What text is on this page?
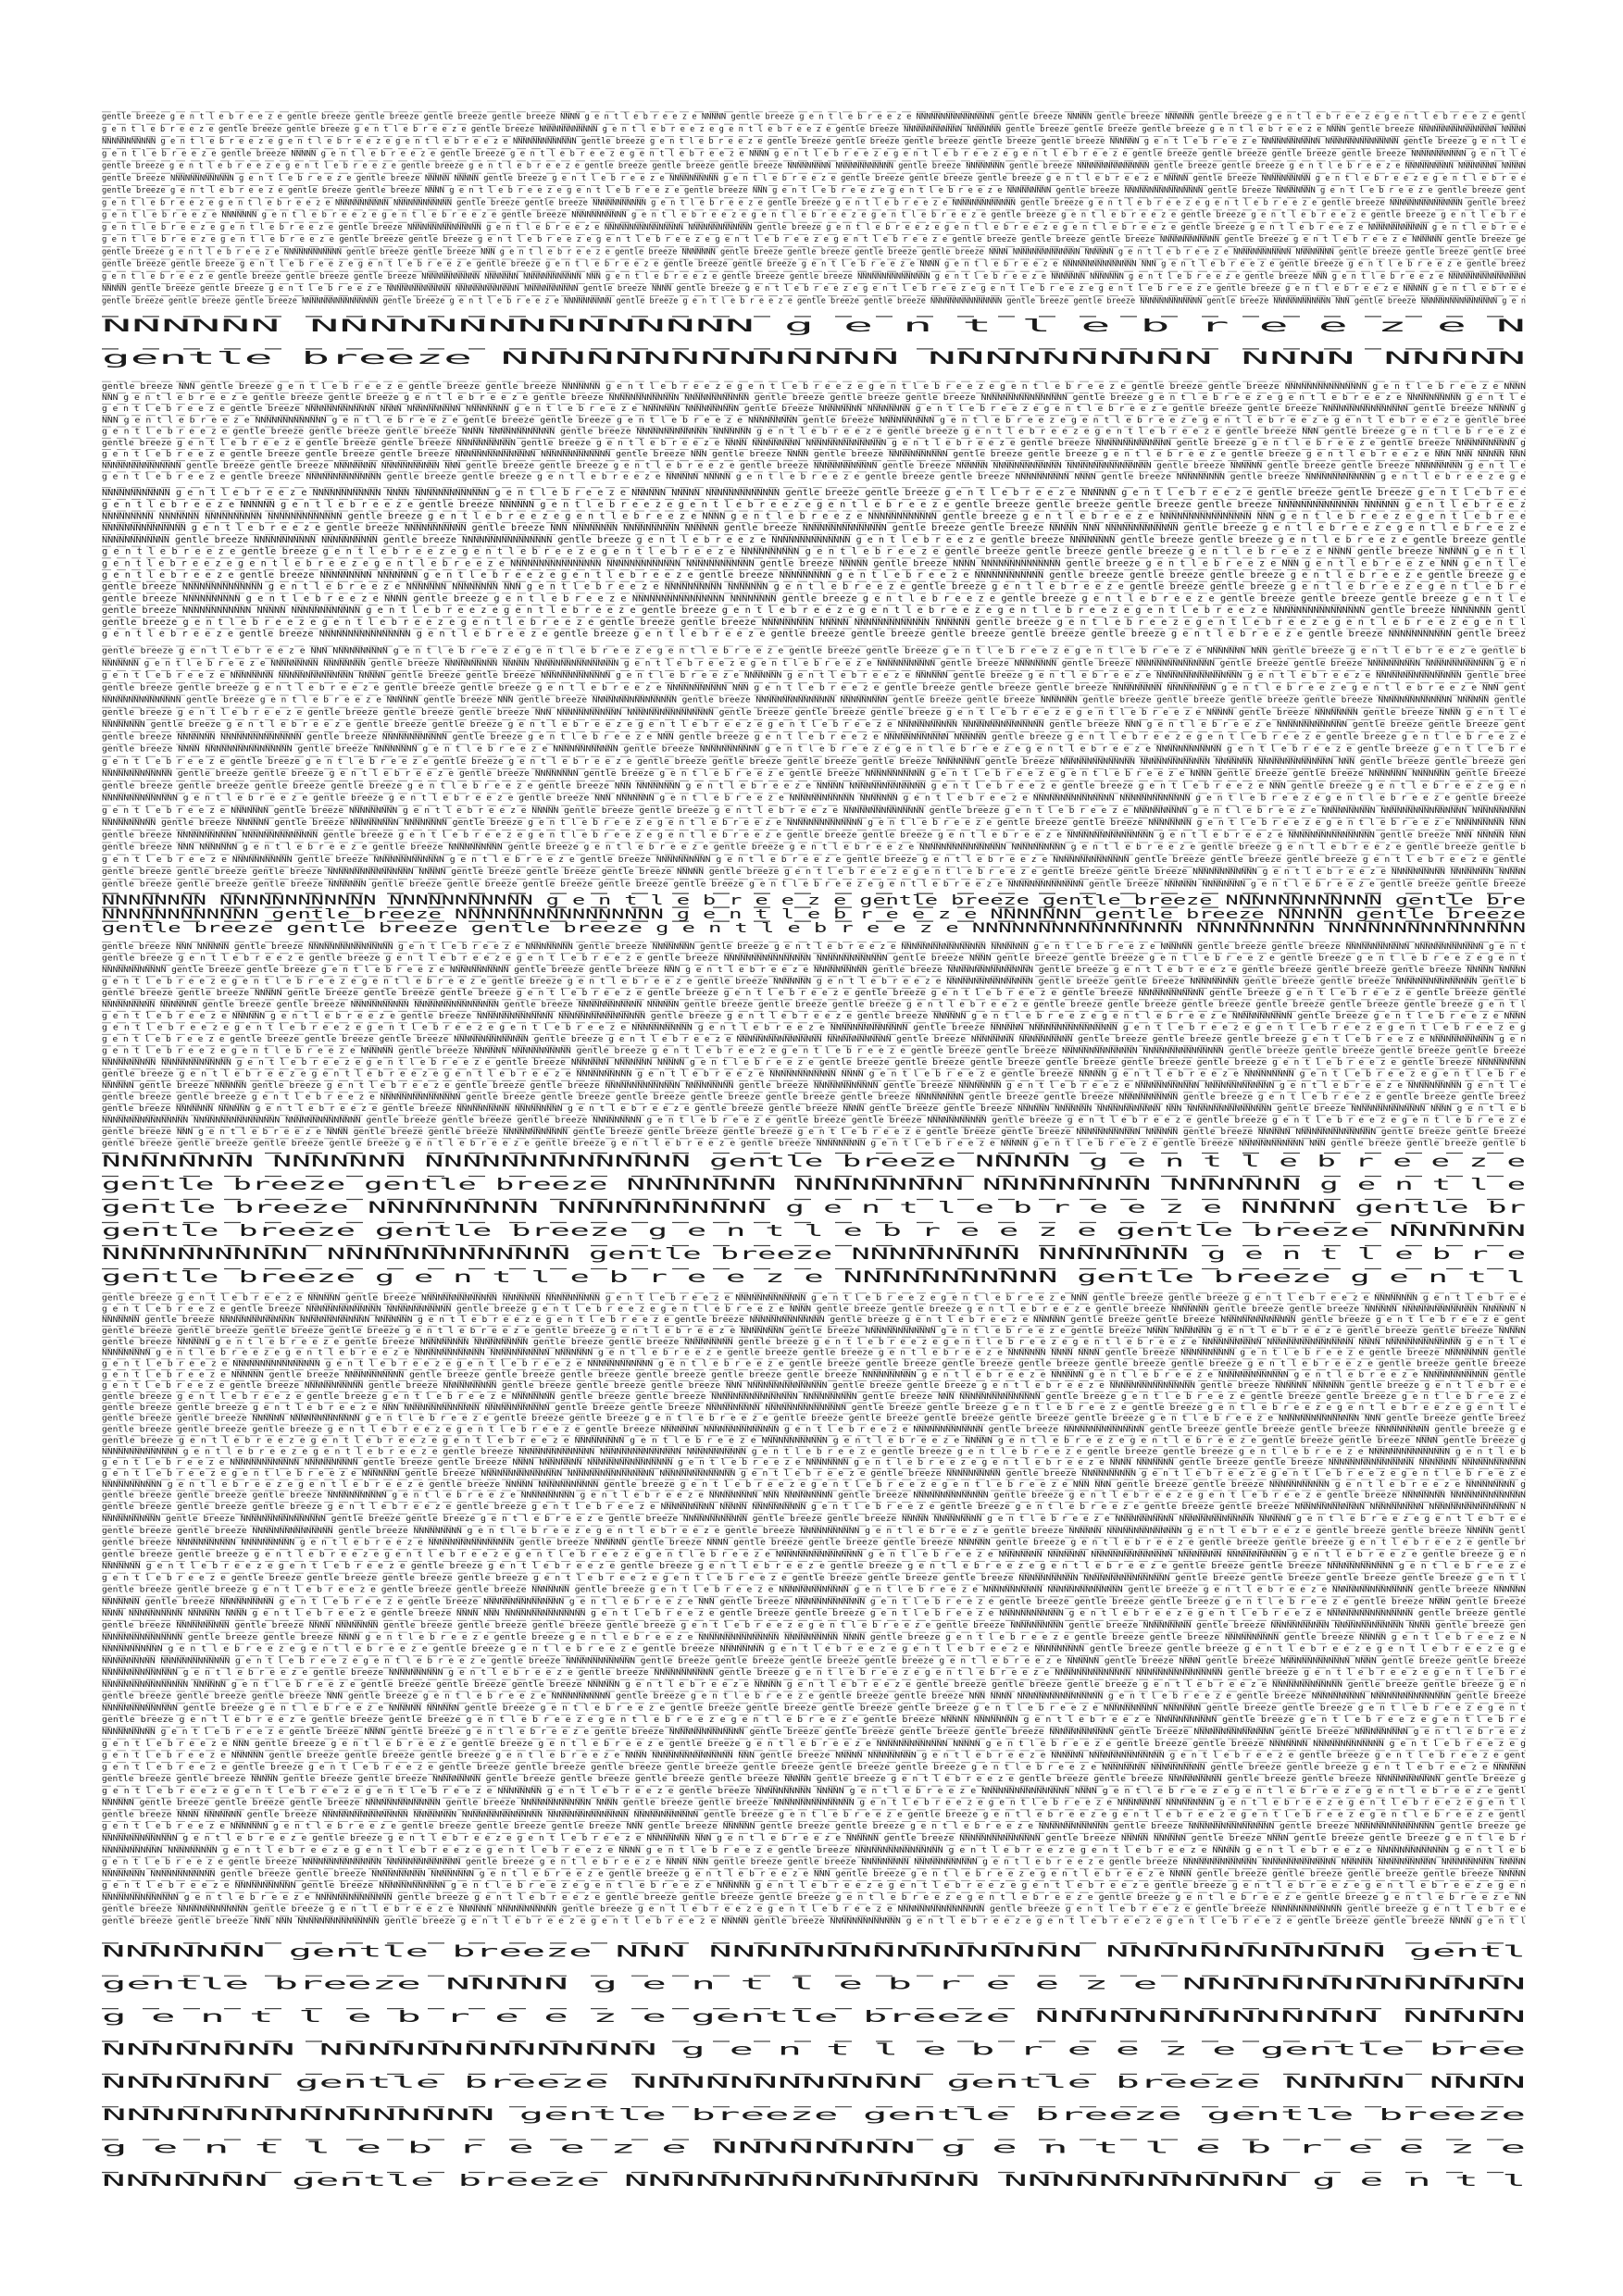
gentle breeze g e n t l e b r e e z e gentle breeze gentle breeze gentle breeze gentle breeze NNNN g e n t l e b r e e z e NNNNN gentle breeze g e n t l e b r e e z e NNNNNNNNNNNNNNNN gentle breeze NNNNN gentle breeze NNNNNN gentle breeze g e n t l e b r e e z e g e n t l e b r e e z e gentl
g e n t l e b r e e z e gentle breeze gentle breeze g e n t l e b r e e z e gentle breeze NNNNNNNNNNNN g e n t l e b r e e z e g e n t l e b r e e z e gentle breeze NNNNNNNNNNNN NNNNNNN gentle breeze gentle breeze gentle breeze g e n t l e b r e e z e NNNN gentle breeze NNNNNNNNNNNNNNNN NNNNN
NNNNNNNNNNN g e n t l e b r e e z e g e n t l e b r e e z e g e n t l e b r e e z e NNNNNNNNNNNNN gentle breeze g e n t l e b r e e z e gentle breeze gentle breeze gentle breeze gentle breeze gentle breeze NNNNNN g e n t l e b r e e z e NNNNNNNNNNNN NNNNNNNNNNNNNNN gentle breeze g e n t l e
g e n t l e b r e e z e gentle breeze NNNNN g e n t l e b r e e z e gentle breeze g e n t l e b r e e z e g e n t l e b r e e z e NNNN g e n t l e b r e e z e g e n t l e b r e e z e g e n t l e b r e e z e gentle breeze gentle breeze gentle breeze gentle breeze NNNNNNNNNNN g e n t l e
gentle breeze g e n t l e b r e e z e g e n t l e b r e e z e gentle breeze g e n t l e b r e e z e gentle breeze gentle breeze gentle breeze NNNNNNNNN NNNNNNNNNNNN gentle breeze NNNNNNNN gentle breeze NNNNNNNNNNNNNNN gentle breeze gentle breeze g e n t l e b r e e z e NNNNNNNNNN NNNNNNNN NNNNN
gentle breeze NNNNNNNNNNNNN g e n t l e b r e e z e gentle breeze NNNNN NNNNN gentle breeze g e n t l e b r e e z e NNNNNNNNNN g e n t l e b r e e z e gentle breeze gentle breeze gentle breeze g e n t l e b r e e z e NNNNN gentle breeze NNNNNNNNNN g e n t l e b r e e z e g e n t l e b r e e
gentle breeze g e n t l e b r e e z e gentle breeze gentle breeze NNNN g e n t l e b r e e z e g e n t l e b r e e z e gentle breeze NNN g e n t l e b r e e z e g e n t l e b r e e z e NNNNNNNNN gentle breeze NNNNNNNNNNNNNNNN gentle breeze NNNNNNNN g e n t l e b r e e z e gentle breeze gent
g e n t l e b r e e z e g e n t l e b r e e z e NNNNNNNNNNN NNNNNNNNNNNN gentle breeze gentle breeze NNNNNNNNNNN g e n t l e b r e e z e gentle breeze g e n t l e b r e e z e NNNNNNNNNNNNN gentle breeze g e n t l e b r e e z e g e n t l e b r e e z e gentle breeze NNNNNNNNNNNNNNN gentle breez
g e n t l e b r e e z e NNNNNNN g e n t l e b r e e z e g e n t l e b r e e z e gentle breeze NNNNNNNNNNN g e n t l e b r e e z e g e n t l e b r e e z e g e n t l e b r e e z e gentle breeze g e n t l e b r e e z e gentle breeze g e n t l e b r e e z e gentle breeze g e n t l e b r e
g e n t l e b r e e z e g e n t l e b r e e z e gentle breeze NNNNNNNNNNNNNNN g e n t l e b r e e z e NNNNNNNNNNNNNNNN NNNNNNNNNNNNN gentle breeze g e n t l e b r e e z e g e n t l e b r e e z e g e n t l e b r e e z e gentle breeze g e n t l e b r e e z e NNNNNNNNNNNN g e n t l e b r e e
g e n t l e b r e e z e g e n t l e b r e e z e gentle breeze gentle breeze g e n t l e b r e e z e g e n t l e b r e e z e g e n t l e b r e e z e g e n t l e b r e e z e gentle breeze gentle breeze gentle breeze NNNNNNNNNNNN gentle breeze g e n t l e b r e e z e NNNNNN gentle breeze ge
gentle breeze g e n t l e b r e e z e NNNNNNNNNNNN gentle breeze gentle breeze NNN g e n t l e b r e e z e gentle breeze NNNNNNN gentle breeze gentle breeze gentle breeze gentle breeze NNNN NNNNNNNNNNNNNN NNNNNN g e n t l e b r e e z e NNNNNNNNNNNN NNNNNNNN gentle breeze gentle breeze gentle bree
gentle breeze gentle breeze g e n t l e b r e e z e g e n t l e b r e e z e gentle breeze g e n t l e b r e e z e gentle breeze gentle breeze g e n t l e b r e e z e NNNN g e n t l e b r e e z e NNNNNNNNNNNNNNN NNN g e n t l e b r e e z e gentle breeze g e n t l e b r e e z e gentle breez
g e n t l e b r e e z e gentle breeze gentle breeze gentle breeze NNNNNNNNNNNN NNNNNNN NNNNNNNNNNNN NNN g e n t l e b r e e z e gentle breeze gentle breeze NNNNNNNNNNNNNNN g e n t l e b r e e z e NNNNNNN NNNNNNN g e n t l e b r e e z e gentle breeze NNN g e n t l e b r e e z e NNNNNNNNNNNNNNNN
NNNNN gentle breeze gentle breeze g e n t l e b r e e z e NNNNNNNNNNNNN NNNNNNNNNNNNN NNNNNNNNNNN gentle breeze NNNN gentle breeze g e n t l e b r e e z e g e n t l e b r e e z e g e n t l e b r e e z e g e n t l e b r e e z e gentle breeze g e n t l e b r e e z e NNNNN g e n t l e b r e e
gentle breeze gentle breeze gentle breeze NNNNNNNNNNNNNNNN gentle breeze g e n t l e b r e e z e NNNNNNNNNN gentle breeze g e n t l e b r e e z e gentle breeze gentle breeze NNNNNNNNNNNNNNN gentle breeze gentle breeze NNNNNNNNNNNNN gentle breeze NNNNNNNNNNNN NNN gentle breeze NNNNNNNNNNNNNNNN g e n
NNNNNN NNNNNNNNNNNNNNN g e n t l e b r e e z e N
gentle breeze NNNNNNNNNNNNNN NNNNNNNNNN NNNN NNNNN
gentle breeze NNN gentle breeze g e n t l e b r e e z e gentle breeze gentle breeze NNNNNNN g e n t l e b r e e z e g e n t l e b r e e z e g e n t l e b r e e z e g e n t l e b r e e z e gentle breeze gentle breeze NNNNNNNNNNNNNNN g e n t l e b r e e z e NNNN
NNN g e n t l e b r e e z e gentle breeze gentle breeze g e n t l e b r e e z e gentle breeze NNNNNNNNNNNNN NNNNNNNNNNNN gentle breeze gentle breeze gentle breeze NNNNNNNNNNNNNNNN gentle breeze g e n t l e b r e e z e g e n t l e b r e e z e NNNNNNNNNN g e n t l e
g e n t l e b r e e z e gentle breeze NNNNNNNNNNNNN NNNN NNNNNNNNNN NNNNNNNN g e n t l e b r e e z e NNNNNNN NNNNNNNNNN gentle breeze NNNNNNNN NNNNNNNN g e n t l e b r e e z e g e n t l e b r e e z e gentle breeze gentle breeze NNNNNNNNNNNNNNNN gentle breeze NNNNN g
NNN g e n t l e b r e e z e NNNNNNNNNNNNN g e n t l e b r e e z e gentle breeze gentle breeze g e n t l e b r e e z e NNNNNNNNN gentle breeze NNNNNNNNNN g e n t l e b r e e z e g e n t l e b r e e z e g e n t l e b r e e z e g e n t l e b r e e z e gentle bree
g e n t l e b r e e z e gentle breeze gentle breeze gentle breeze NNNN NNNNNNNNNNNN gentle breeze NNNNNNNNNNNNN NNNNNNN g e n t l e b r e e z e gentle breeze g e n t l e b r e e z e g e n t l e b r e e z e gentle breeze NNN gentle breeze g e n t l e b r e e z e
gentle breeze g e n t l e b r e e z e gentle breeze gentle breeze NNNNNNNNNNN gentle breeze g e n t l e b r e e z e NNNN NNNNNNNNN NNNNNNNNNNNNNNN g e n t l e b r e e z e gentle breeze NNNNNNNNNNNNNN gentle breeze g e n t l e b r e e z e gentle breeze NNNNNNNNNNN g
g e n t l e b r e e z e gentle breeze gentle breeze gentle breeze NNNNNNNNNNNNNNN NNNNNNNNNNNNN gentle breeze NNN gentle breeze NNNN gentle breeze NNNNNNNNNNN gentle breeze gentle breeze g e n t l e b r e e z e gentle breeze g e n t l e b r e e z e NNN NNN NNNNN NNN
NNNNNNNNNNNNNNN gentle breeze gentle breeze NNNNNNNN NNNNNNNNNNN NNN gentle breeze gentle breeze g e n t l e b r e e z e gentle breeze NNNNNNNNNNNN gentle breeze NNNNNN NNNNNNNNNNNNN NNNNNNNNNNNNNNNN gentle breeze NNNNNN gentle breeze gentle breeze NNNNNNNNN g e n t l e
g e n t l e b r e e z e gentle breeze NNNNNNNNNNNNNN gentle breeze gentle breeze g e n t l e b r e e z e NNNNNN NNNNN g e n t l e b r e e z e gentle breeze gentle breeze NNNNNNNNNN NNNN gentle breeze NNNNNNNNN gentle breeze NNNNNNNNNNNNN g e n t l e b r e e z e g e
NNNNNNNNNNNN g e n t l e b r e e z e NNNNNNNNNNNN NNNN NNNNNNNNNNNNN g e n t l e b r e e z e NNNNNN NNNNN NNNNNNNNNNNNN gentle breeze gentle breeze g e n t l e b r e e z e NNNNNN g e n t l e b r e e z e gentle breeze gentle breeze g e n t l e b r e e
g e n t l e b r e e z e NNNNNN g e n t l e b r e e z e gentle breeze NNNNNN g e n t l e b r e e z e g e n t l e b r e e z e g e n t l e b r e e z e gentle breeze gentle breeze gentle breeze gentle breeze NNNNNNNNNNNNNN NNNNNN g e n t l e b r e e z
NNNNNNNNN NNNNNNN NNNNNNNNNN NNNNNNNNNNNNN gentle breeze g e n t l e b r e e z e g e n t l e b r e e z e NNNN g e n t l e b r e e z e NNNNNNNNNNNN gentle breeze g e n t l e b r e e z e NNNNNNNNNNNNNNNN NNN g e n t l e b r e e z e g e n t l e b r e e
NNNNNNNNNNNNNNN g e n t l e b r e e z e gentle breeze NNNNNNNNNNN gentle breeze NNN NNNNNNNN NNNNNNNNNN NNNNNN gentle breeze NNNNNNNNNNNNNNN gentle breeze gentle breeze NNNNN NNN NNNNNNNNNNNNN gentle breeze g e n t l e b r e e z e g e n t l e b r e e z e
NNNNNNNNNNNN gentle breeze NNNNNNNNNNN NNNNNNNNNN gentle breeze NNNNNNNNNNNNNNNN gentle breeze g e n t l e b r e e z e NNNNNNNNNNNNNN g e n t l e b r e e z e gentle breeze NNNNNNNN gentle breeze gentle breeze g e n t l e b r e e z e gentle breeze gentle
g e n t l e b r e e z e gentle breeze g e n t l e b r e e z e g e n t l e b r e e z e g e n t l e b r e e z e NNNNNNNNNN g e n t l e b r e e z e gentle breeze gentle breeze gentle breeze g e n t l e b r e e z e NNNN gentle breeze NNNNN g e n t l
g e n t l e b r e e z e g e n t l e b r e e z e g e n t l e b r e e z e NNNNNNNNNNNNNNNN NNNNNNNNNNNNN NNNNNNNNNNNN gentle breeze NNNNN gentle breeze NNNN NNNNNNNNNNNNNN gentle breeze g e n t l e b r e e z e NNN g e n t l e b r e e z e NNN g e n t l e
g e n t l e b r e e z e gentle breeze NNNNNNNNN NNNNNNN g e n t l e b r e e z e g e n t l e b r e e z e gentle breeze NNNNNNNNN g e n t l e b r e e z e NNNNNNNNNNNN gentle breeze gentle breeze gentle breeze g e n t l e b r e e z e gentle breeze g e
gentle breeze NNNNNNNNNNNNNN g e n t l e b r e e z e NNNNNNN NNNNNNNN NNN g e n t l e b r e e z e NNNNNNNNNN NNNNNNN g e n t l e b r e e z e gentle breeze g e n t l e b r e e z e gentle breeze gentle breeze g e n t l e b r e e z e g e n t l e b r e
gentle breeze NNNNNNNNNN g e n t l e b r e e z e NNNN gentle breeze g e n t l e b r e e z e NNNNNNNNNNNNNNNN NNNNNNNN gentle breeze g e n t l e b r e e z e gentle breeze g e n t l e b r e e z e gentle breeze gentle breeze gentle breeze g e n t l e
gentle breeze NNNNNNNNNNNN NNNNN NNNNNNNNNNNN g e n t l e b r e e z e g e n t l e b r e e z e gentle breeze g e n t l e b r e e z e g e n t l e b r e e z e g e n t l e b r e e z e g e n t l e b r e e z e NNNNNNNNNNNNNNNN gentle breeze NNNNNNN gentl
gentle breeze g e n t l e b r e e z e g e n t l e b r e e z e g e n t l e b r e e z e gentle breeze gentle breeze NNNNNNNNN NNNNN NNNNNNNNNNNNN NNNNNN gentle breeze g e n t l e b r e e z e g e n t l e b r e e z e g e n t l e b r e e z e g e n t l
g e n t l e b r e e z e gentle breeze NNNNNNNNNNNNNNNN g e n t l e b r e e z e gentle breeze g e n t l e b r e e z e gentle breeze gentle breeze gentle breeze gentle breeze gentle breeze g e n t l e b r e e z e gentle breeze NNNNNNNNNNN gentle breez
gentle breeze g e n t l e b r e e z e NNN NNNNNNNNNN g e n t l e b r e e z e g e n t l e b r e e z e g e n t l e b r e e z e gentle breeze gentle breeze g e n t l e b r e e z e g e n t l e b r e e z e NNNNNNN NNN gentle breeze g e n t l e b r e e z e gentle b
NNNNNNN g e n t l e b r e e z e NNNNNNNNN NNNNNNNN gentle breeze NNNNNNNNNN NNNNN NNNNNNNNNNNNNNNN g e n t l e b r e e z e g e n t l e b r e e z e NNNNNNNNNNN gentle breeze NNNNNNNN gentle breeze NNNNNNNNNNNNNNN gentle breeze gentle breeze NNNNNNNNNN NNNNNNNNNNNNN g e n
g e n t l e b r e e z e NNNNNNNN NNNNNNNNNNNNNN NNNNN gentle breeze gentle breeze NNNNNNNNNNNNN g e n t l e b r e e z e NNNNNNN g e n t l e b r e e z e NNNNNN gentle breeze g e n t l e b r e e z e NNNNNNNNNNNNNNNN g e n t l e b r e e z e NNNNNNNNNNNNNNNN gentle bree
gentle breeze gentle breeze g e n t l e b r e e z e gentle breeze gentle breeze g e n t l e b r e e z e NNNNNNNNNNN NNN g e n t l e b r e e z e gentle breeze gentle breeze gentle breeze NNNNNNNNN NNNNNNNNN g e n t l e b r e e z e g e n t l e b r e e z e NNN gent
NNNNNNNNNNNNNNN gentle breeze g e n t l e b r e e z e NNNNNN gentle breeze NNN gentle breeze NNNNNNNNNNNNNNNN gentle breeze NNNNNNNNNNNNNNN NNNNNNNNN gentle breeze gentle breeze NNNNNNN gentle breeze gentle breeze gentle breeze gentle breeze NNNNNNNNNNNNNN NNNNNN gentle
gentle breeze g e n t l e b r e e z e gentle breeze gentle breeze gentle breeze NNN NNNNNNNNNNNN NNNNNNNNNNNNNNNN gentle breeze gentle breeze gentle breeze g e n t l e b r e e z e g e n t l e b r e e z e NNNNN gentle breeze NNNNNNNN gentle breeze NNNN g e n t l e
NNNNNNNN gentle breeze g e n t l e b r e e z e gentle breeze gentle breeze g e n t l e b r e e z e g e n t l e b r e e z e g e n t l e b r e e z e NNNNNNNNNNN NNNNNNNNNNNNNNN gentle breeze NNN g e n t l e b r e e z e NNNNNNNNNNNNN gentle breeze gentle breeze gent
gentle breeze NNNNNNN NNNNNNNNNNNNNNN gentle breeze NNNNNNNNNNNN gentle breeze g e n t l e b r e e z e NNN gentle breeze g e n t l e b r e e z e NNNNNNNNNNNN NNNNNN gentle breeze g e n t l e b r e e z e g e n t l e b r e e z e gentle breeze g e n t l e b r e e z e
gentle breeze NNNN NNNNNNNNNNNNNNNN gentle breeze NNNNNNNN g e n t l e b r e e z e NNNNNNNNNNNN gentle breeze NNNNNNNNNNN g e n t l e b r e e z e g e n t l e b r e e z e g e n t l e b r e e z e NNNNNNNNNNNN g e n t l e b r e e z e gentle breeze g e n t l e b r e
g e n t l e b r e e z e gentle breeze g e n t l e b r e e z e gentle breeze g e n t l e b r e e z e gentle breeze gentle breeze gentle breeze gentle breeze NNNNNNNN gentle breeze NNNNNNNNNNNNNN NNNNNNNNNNNNN NNNNNNN NNNNNNNNNNNNNN NNN gentle breeze gentle breeze gen
NNNNNNNNNNNNN gentle breeze gentle breeze g e n t l e b r e e z e gentle breeze NNNNNNNN gentle breeze g e n t l e b r e e z e gentle breeze NNNNNNNNNNN g e n t l e b r e e z e g e n t l e b r e e z e NNNN gentle breeze gentle breeze NNNNNNN NNNNNNN gentle breeze
gentle breeze gentle breeze gentle breeze gentle breeze g e n t l e b r e e z e gentle breeze NNN NNNNNNNN g e n t l e b r e e z e NNNNN NNNNNNNNNNNNNN g e n t l e b r e e z e gentle breeze g e n t l e b r e e z e NNN gentle breeze g e n t l e b r e e z e g e n
NNNNNNNNNNNNNN g e n t l e b r e e z e gentle breeze g e n t l e b r e e z e gentle breeze NNN NNNNNNN g e n t l e b r e e z e NNNNNNNNNNNN NNNNNNN g e n t l e b r e e z e NNNNNNNNNNNNNNN NNNNNNNNNNNNN g e n t l e b r e e z e g e n t l e b r e e z e gentle breeze
g e n t l e b r e e z e NNNNNNN gentle breeze NNNNNNNNN g e n t l e b r e e z e NNNNN gentle breeze gentle breeze g e n t l e b r e e z e NNNNNNNNNNNNNNN gentle breeze g e n t l e b r e e z e NNNNNNNNNN g e n t l e b r e e z e NNNNNNNNNN NNNNNNNNNNNNNNNN NNNNNNNNNN
NNNNNNNNNN gentle breeze NNNNNN gentle breeze NNNNNNNNN NNNNNNNN gentle breeze g e n t l e b r e e z e g e n t l e b r e e z e NNNNNNNNNNNNNN g e n t l e b r e e z e gentle breeze gentle breeze NNNNNNNN g e n t l e b r e e z e g e n t l e b r e e z e NNNNNNNNN NNN
gentle breeze NNNNNNNNNNN NNNNNNNNNNNNNN gentle breeze g e n t l e b r e e z e g e n t l e b r e e z e g e n t l e b r e e z e gentle breeze gentle breeze g e n t l e b r e e z e NNNNNNNNNNNNNNNN g e n t l e b r e e z e NNNNNNNNNNNNNNNN gentle breeze NNN NNNNN NNN
gentle breeze NNN NNNNNNN g e n t l e b r e e z e gentle breeze NNNNNNNNNN gentle breeze g e n t l e b r e e z e gentle breeze g e n t l e b r e e z e NNNNNNNNNNNNNNNN NNNNNNNNNN g e n t l e b r e e z e gentle breeze g e n t l e b r e e z e gentle breeze gentle b
g e n t l e b r e e z e NNNNNNNNNNN gentle breeze NNNNNNNNNNNNN g e n t l e b r e e z e gentle breeze NNNNNNNNNN g e n t l e b r e e z e gentle breeze g e n t l e b r e e z e NNNNNNNNNNNNNN gentle breeze gentle breeze gentle breeze g e n t l e b r e e z e gentle
gentle breeze gentle breeze gentle breeze NNNNNNNNNNNNNNNN NNNNN gentle breeze gentle breeze gentle breeze NNNNN gentle breeze g e n t l e b r e e z e g e n t l e b r e e z e gentle breeze gentle breeze NNNNNNNNNNNN g e n t l e b r e e z e NNNNNNNNNN NNNNNNNN NNNNN
gentle breeze gentle breeze gentle breeze NNNNNNN gentle breeze gentle breeze gentle breeze gentle breeze gentle breeze g e n t l e b r e e z e g e n t l e b r e e z e NNNNNNNNNNNNNN gentle breeze NNNNNN NNNNNNNN g e n t l e b r e e z e gentle breeze gentle breeze
NNNNNNNN NNNNNNNNNNNN NNNNNNNNNNN g e n t l e b r e e z e gentle breeze gentle breeze NNNNNNNNNNNN gentle bre
NNNNNNNNNNNN gentle breeze NNNNNNNNNNNNNNNN g e n t l e b r e e z e NNNNNNN gentle breeze NNNNN gentle breeze
gentle breeze gentle breeze gentle breeze g e n t l e b r e e z e NNNNNNNNNNNNNNNN NNNNNNNNN NNNNNNNNNNNNNNN
gentle breeze NNN NNNNNN gentle breeze NNNNNNNNNNNNNNNN g e n t l e b r e e z e NNNNNNNNN gentle breeze NNNNNNNN gentle breeze g e n t l e b r e e z e NNNNNNNNNNNNNNNN NNNNNNN g e n t l e b r e e z e NNNNNN gentle breeze gentle breeze NNNNNNNNNNNN NNNNNNNNNNNNN g e n t
gentle breeze g e n t l e b r e e z e gentle breeze g e n t l e b r e e z e g e n t l e b r e e z e gentle breeze NNNNNNNNNNNNNNNN NNNNNNNNNNNNN gentle breeze NNNN gentle breeze gentle breeze g e n t l e b r e e z e gentle breeze g e n t l e b r e e z e g e n t
NNNNNNNNNNNN gentle breeze gentle breeze g e n t l e b r e e z e NNNNNNNNNNN gentle breeze gentle breeze NNN g e n t l e b r e e z e NNNNNNNNNN gentle breeze NNNNNNNNNNNNNNNN gentle breeze g e n t l e b r e e z e gentle breeze gentle breeze gentle breeze NNNNN NNNNN
g e n t l e b r e e z e g e n t l e b r e e z e g e n t l e b r e e z e gentle breeze g e n t l e b r e e z e gentle breeze NNNNNNN g e n t l e b r e e z e NNNNNNNNNNNNNNNN gentle breeze gentle breeze NNNNNNNNN gentle breeze gentle breeze NNNNNNNNNNNNNNN gentle b
gentle breeze gentle breeze NNNNN gentle breeze gentle breeze gentle breeze g e n t l e b r e e z e gentle breeze g e n t l e b r e e z e gentle breeze g e n t l e b r e e z e gentle breeze NNNNNNNNNNNN gentle breeze g e n t l e b r e e z e gentle breeze gentle
NNNNNNNNNN NNNNNNN gentle breeze gentle breeze NNNNNNNNNNN NNNNNNNNNNNNNNNN gentle breeze NNNNNNNNNNNN NNNNNN gentle breeze gentle breeze gentle breeze g e n t l e b r e e z e gentle breeze gentle breeze gentle breeze gentle breeze gentle breeze gentle breeze g e n t l
g e n t l e b r e e z e NNNNNN g e n t l e b r e e z e gentle breeze NNNNNNNNNNNNNN NNNNNNNNNNNNNNNN gentle breeze g e n t l e b r e e z e gentle breeze NNNNNN g e n t l e b r e e z e g e n t l e b r e e z e NNNNNNNNNNN gentle breeze g e n t l e b r e e z e NNNN
g e n t l e b r e e z e g e n t l e b r e e z e g e n t l e b r e e z e g e n t l e b r e e z e NNNNNNNNNNN g e n t l e b r e e z e NNNNNNNNNNNNNN gentle breeze NNNNNN NNNNNNNNNNNNNNNN g e n t l e b r e e z e g e n t l e b r e e z e g e n t l e b r e e z e g
g e n t l e b r e e z e gentle breeze gentle breeze gentle breeze NNNNNNNNNNNNNN gentle breeze g e n t l e b r e e z e NNNNNNNNNNNNNNNN NNNNNNNNNNNN gentle breeze NNNNNNNN NNNNNNNNNN gentle breeze gentle breeze gentle breeze g e n t l e b r e e z e NNNNNNNNNNNN g e n
g e n t l e b r e e z e g e n t l e b r e e z e NNNNNN gentle breeze NNNNNN NNNNNNNNNNN gentle breeze g e n t l e b r e e z e g e n t l e b r e e z e gentle breeze gentle breeze NNNNNNNNNNNNNN NNNNNNNNNNNNNNN gentle breeze gentle breeze gentle breeze gentle breeze
NNNNNNNNNN NNNNNNNNNNNNN g e n t l e b r e e z e g e n t l e b r e e z e gentle breeze NNNNNNN NNNNNNN NNNNN g e n t l e b r e e z e gentle breeze gentle breeze gentle breeze gentle breeze gentle breeze gentle breeze g e n t l e b r e e z e gentle breeze NNNNNNNNN
gentle breeze g e n t l e b r e e z e g e n t l e b r e e z e g e n t l e b r e e z e NNNNNNNNNN g e n t l e b r e e z e NNNNNNNNNNNN NNNN g e n t l e b r e e z e gentle breeze NNNNN g e n t l e b r e e z e NNNNNNNNN g e n t l e b r e e z e g e n t l e b r e
NNNNNN gentle breeze NNNNNN gentle breeze g e n t l e b r e e z e gentle breeze gentle breeze NNNNNNNNNNNNNN NNNNNNNNN gentle breeze NNNNNNNNNNNN gentle breeze NNNNNNNN g e n t l e b r e e z e NNNNNNNNNNNN NNNNNNNNNNNNN g e n t l e b r e e z e NNNNNNNNNN g e n t l e
gentle breeze gentle breeze g e n t l e b r e e z e NNNNNNNNNNNNNNN gentle breeze gentle breeze gentle breeze gentle breeze gentle breeze gentle breeze NNNNNNNNN gentle breeze gentle breeze NNNNNNNNNNN gentle breeze g e n t l e b r e e z e gentle breeze gentle breez
gentle breeze NNNNNNN NNNNNN g e n t l e b r e e z e gentle breeze NNNNNNNNNN NNNNNNNNN g e n t l e b r e e z e gentle breeze gentle breeze NNNN gentle breeze gentle breeze NNNNNN NNNNNNN NNNNNNNNNNNN NNN NNNNNNNNNNNNNNNN gentle breeze NNNNNNNNNNNNNN NNNN g e n t l e b
NNNNNNNNNNNNNNNN NNNNNNNNNNNNNNNN NNNNNNNNNNNNNN gentle breeze gentle breeze gentle breeze NNNNNNNNN g e n t l e b r e e z e gentle breeze gentle breeze NNNNNNNNNNN gentle breeze g e n t l e b r e e z e gentle breeze g e n t l e b r e e z e g e n t l e b r e e z e
gentle breeze NNN g e n t l e b r e e z e NNNN gentle breeze gentle breeze NNNNNNNNNNNN gentle breeze gentle breeze gentle breeze g e n t l e b r e e z e gentle breeze gentle breeze NNNNNNNNNNNN NNNNNN gentle breeze NNNNNN NNNNNNNNNNNNNNN gentle breeze gentle breeze
gentle breeze gentle breeze gentle breeze gentle breeze g e n t l e b r e e z e gentle breeze g e n t l e b r e e z e gentle breeze NNNNNNNNN g e n t l e b r e e z e NNNNN g e n t l e b r e e z e gentle breeze NNNNNNNNNNNN NNN gentle breeze gentle breeze gentle b
NNNNNNNN NNNNNNN NNNNNNNNNNNNNN gentle breeze NNNNN g e n t l e b r e e z e
gentle breeze gentle breeze NNNNNNNN NNNNNNNNN NNNNNNNNN NNNNNNN g e n t l e
gentle breeze NNNNNNNNN NNNNNNNNNNN g e n t l e b r e e z e NNNNN gentle br
gentle breeze gentle breeze g e n t l e b r e e z e gentle breeze NNNNNNN
NNNNNNNNNNN NNNNNNNNNNNNN gentle breeze NNNNNNNNN NNNNNNNN g e n t l e b r e
gentle breeze g e n t l e b r e e z e NNNNNNNNNNN gentle breeze g e n t l
gentle breeze g e n t l e b r e e z e NNNNNN gentle breeze NNNNNNNNNNNNNN NNNNNNN NNNNNNNNNN g e n t l e b r e e z e NNNNNNNNNNNNN g e n t l e b r e e z e g e n t l e b r e e z e NNN gentle breeze gentle breeze g e n t l e b r e e z e NNNNNNNN g e n t l e b r e e
g e n t l e b r e e z e gentle breeze NNNNNNNNNNNNNN NNNNNNNNNNNN gentle breeze g e n t l e b r e e z e g e n t l e b r e e z e NNNN gentle breeze gentle breeze g e n t l e b r e e z e gentle breeze NNNNNNN gentle breeze gentle breeze NNNNNN NNNNNNNNNNNNNN NNNNNN N
NNNNNNN gentle breeze NNNNNNNNNNNNNN NNNNNNNNNNNNN NNNNNNN g e n t l e b r e e z e g e n t l e b r e e z e gentle breeze NNNNNNNNNNNNNN gentle breeze g e n t l e b r e e z e NNNNNN gentle breeze gentle breeze NNNNNNNNNNNNNN gentle breeze g e n t l e b r e e z e gent
gentle breeze gentle breeze gentle breeze gentle breeze g e n t l e b r e e z e gentle breeze g e n t l e b r e e z e NNNNNNNN gentle breeze NNNNNNNNNNNNN g e n t l e b r e e z e gentle breeze NNNN NNNNNNN g e n t l e b r e e z e gentle breeze gentle breeze NNNNN
gentle breeze NNNNNN g e n t l e b r e e z e gentle breeze NNNNNNNNN NNNNNNNNNN gentle breeze gentle breeze NNNNNNNNN gentle breeze g e n t l e b r e e z e g e n t l e b r e e z e g e n t l e b r e e z e NNNNNNNNNNN NNNNNNNNNNNNNNNN NNNN NNNNNNNNNNNNNN g e n t l e
NNNNNNNNN g e n t l e b r e e z e g e n t l e b r e e z e NNNNNNNNNNNNN NNNNNNNNNNN NNNNNNN g e n t l e b r e e z e gentle breeze gentle breeze g e n t l e b r e e z e NNNNNNN NNNN NNNN gentle breeze NNNNNNNNNN g e n t l e b r e e z e gentle breeze NNNNNNNN gentle
g e n t l e b r e e z e NNNNNNNNNNNNNNNN g e n t l e b r e e z e g e n t l e b r e e z e NNNNNNNNNNNN g e n t l e b r e e z e gentle breeze gentle breeze gentle breeze gentle breeze gentle breeze gentle breeze g e n t l e b r e e z e gentle breeze gentle breeze
g e n t l e b r e e z e NNNNNN gentle breeze NNNNNNNNNNN gentle breeze gentle breeze gentle breeze gentle breeze gentle breeze gentle breeze NNNNNNNNNN g e n t l e b r e e z e NNNNNN g e n t l e b r e e z e NNNNNNNNNNNNN g e n t l e b r e e z e NNNNNNNNNNNN gentle
g e n t l e b r e e z e gentle breeze NNNNNNNNNNN gentle breeze NNNNNNNNNN gentle breeze gentle breeze gentle breeze NNN NNNNNNNNNNNNNNN gentle breeze gentle breeze g e n t l e b r e e z e NNNNNNNNNNNNNNNN gentle breeze NNNNNN NNNNNN gentle breeze g e n t l e b r e e
gentle breeze g e n t l e b r e e z e gentle breeze g e n t l e b r e e z e NNNNNNNN gentle breeze gentle breeze NNNNNNNNNNNNNNNN NNNNNNNNNN gentle breeze NNN NNNNNNNNNNNNNNN gentle breeze g e n t l e b r e e z e gentle breeze gentle breeze g e n t l e b r e e z e
gentle breeze gentle breeze g e n t l e b r e e z e NNN NNNNNNNNNNNNNN NNNNNNNNNNNN gentle breeze gentle breeze NNNNNNNNNN NNNNNNNNNNNNNNN gentle breeze gentle breeze g e n t l e b r e e z e gentle breeze g e n t l e b r e e z e g e n t l e b r e e z e g e n t l e
gentle breeze gentle breeze NNNNNN NNNNNNNNNNNNN g e n t l e b r e e z e gentle breeze gentle breeze g e n t l e b r e e z e gentle breeze gentle breeze gentle breeze gentle breeze gentle breeze g e n t l e b r e e z e NNNNNNNNNNNNNNN NNN gentle breeze gentle breez
gentle breeze gentle breeze gentle breeze g e n t l e b r e e z e g e n t l e b r e e z e gentle breeze NNNNNNN NNNNNNNNNNNNNN g e n t l e b r e e z e NNNNNNNNNNNNN gentle breeze NNNNNNNNNNNNNNN gentle breeze gentle breeze gentle breeze NNNNNNNNNN gentle breeze g e
gentle breeze g e n t l e b r e e z e g e n t l e b r e e z e g e n t l e b r e e z e NNNNNNNNN g e n t l e b r e e z e NNNNNNNNNNNN g e n t l e b r e e z e NNNNN g e n t l e b r e e z e g e n t l e b r e e z e gentle breeze gentle breeze NNNN gentle breeze g
NNNNNNNNNNNNNN g e n t l e b r e e z e g e n t l e b r e e z e gentle breeze NNNNNNNNNNNNNN NNNNNNNNNNNNNNN NNNNNNNNNNN g e n t l e b r e e z e gentle breeze g e n t l e b r e e z e gentle breeze gentle breeze g e n t l e b r e e z e NNNNNNNNNNNNNNN g e n t l e b
g e n t l e b r e e z e NNNNNNNNNNNNN NNNNNNNNNN gentle breeze gentle breeze NNNN NNNNNNNN NNNNNNNNNNNNNNNN g e n t l e b r e e z e NNNNNNNN g e n t l e b r e e z e g e n t l e b r e e z e NNNN NNNNNNN gentle breeze gentle breeze NNNNNNNNNNNNNNNN NNNNNNN NNNNNNNNNNNN
g e n t l e b r e e z e g e n t l e b r e e z e NNNNNNN gentle breeze NNNNNNNNNNNNNNN NNNNNNNNNNNNNNNN NNNNNNNNNNNNNN g e n t l e b r e e z e gentle breeze NNNNNNNNNN gentle breeze NNNNNNNNNN g e n t l e b r e e z e g e n t l e b r e e z e g e n t l e b r e e z e
NNNNNNNNNNN g e n t l e b r e e z e g e n t l e b r e e z e gentle breeze NNNNN NNNNNNNNNNN gentle breeze g e n t l e b r e e z e g e n t l e b r e e z e g e n t l e b r e e z e NNN NNN gentle breeze gentle breeze NNNNNNNNNNN g e n t l e b r e e z e NNNNNNNNN g
gentle breeze gentle breeze gentle breeze NNNNNNNNNNN g e n t l e b r e e z e NNNNNNNNNN g e n t l e b r e e z e NNNNNNNNN NNN NNNNNNNNN gentle breeze NNNNNNNNNNNNNN gentle breeze g e n t l e b r e e z e g e n t l e b r e e z e gentle breeze NNNNNNNN NNNNNNNNNNNNNN
gentle breeze gentle breeze gentle breeze g e n t l e b r e e z e gentle breeze g e n t l e b r e e z e NNNNNNNNNN NNNNN NNNNNNNNNN g e n t l e b r e e z e gentle breeze g e n t l e b r e e z e gentle breeze gentle breeze NNNNNNNNNNNNN NNNNNNNNNN NNNNNNNNNNNNNNNN N
NNNNNNNNNNN gentle breeze NNNNNNNNNNNNNNNN gentle breeze gentle breeze g e n t l e b r e e z e gentle breeze NNNNNNNNNNNN gentle breeze gentle breeze NNNNN NNNNNNNNN g e n t l e b r e e z e NNNNNNNNNNN NNNNNNNNNNNNNN NNNNNN g e n t l e b r e e z e g e n t l e b r e e
gentle breeze gentle breeze NNNNNNNNNNNNNNN gentle breeze NNNNNNNNN g e n t l e b r e e z e g e n t l e b r e e z e gentle breeze NNNNNNNNNNN g e n t l e b r e e z e gentle breeze NNNNNN NNNNNNNNNNNNNN g e n t l e b r e e z e gentle breeze gentle breeze NNNNN gentl
gentle breeze NNNNNNNNNNN NNNNNNNNNN g e n t l e b r e e z e NNNNNNNNNNNNNNNN gentle breeze NNNNNN gentle breeze NNNN gentle breeze gentle breeze gentle breeze NNNNNN gentle breeze g e n t l e b r e e z e gentle breeze gentle breeze g e n t l e b r e e z e gentle br
gentle breeze gentle breeze g e n t l e b r e e z e g e n t l e b r e e z e g e n t l e b r e e z e g e n t l e b r e e z e NNNNNNNNNNNNNNNN g e n t l e b r e e z e NNNNNNNN NNNNNNN NNNNNNNNNNNNNNN NNNNNNNN NNNNNNNNNNN g e n t l e b r e e z e gentle breeze g e n
NNNNNNN g e n t l e b r e e z e g e n t l e b r e e z e gentle breeze g e n t l e b r e e z e gentle breeze g e n t l e b r e e z e gentle breeze g e n t l e b r e e z e g e n t l e b r e e z e gentle breeze gentle breeze NNNNNNNNNNNN g e n t l e b r e e z e
g e n t l e b r e e z e gentle breeze gentle breeze gentle breeze gentle breeze g e n t l e b r e e z e g e n t l e b r e e z e gentle breeze gentle breeze gentle breeze NNNNNNNNNNN NNNNNNNNNNNNNNNN gentle breeze gentle breeze gentle breeze gentle breeze g e n t l
gentle breeze gentle breeze g e n t l e b r e e z e gentle breeze gentle breeze NNNNNNN gentle breeze g e n t l e b r e e z e NNNNNNNNNNNNN g e n t l e b r e e z e NNNNNNNNNNN NNNNNNNNNNNNNN gentle breeze g e n t l e b r e e z e NNNNNNNNNNNNNNN gentle breeze NNNNNN
NNNNNNN gentle breeze NNNNNNNNNN g e n t l e b r e e z e gentle breeze NNNNNNNNNNNNNNN g e n t l e b r e e z e NNN gentle breeze NNNNNNNNNNNNN g e n t l e b r e e z e gentle breeze gentle breeze gentle breeze g e n t l e b r e e z e gentle breeze NNNN gentle breeze
NNNN NNNNNNNNNN NNNNNN NNNN g e n t l e b r e e z e gentle breeze NNNN NNN NNNNNNNNNNNNNNN g e n t l e b r e e z e gentle breeze gentle breeze g e n t l e b r e e z e NNNNNNNNNNNN g e n t l e b r e e z e g e n t l e b r e e z e NNNNNNNNNNNNNNNN gentle breeze gentle
gentle breeze NNNNNNNNNN gentle breeze NNNN NNNNNNNN gentle breeze gentle breeze gentle breeze gentle breeze g e n t l e b r e e z e g e n t l e b r e e z e gentle breeze NNNNNNNNNN gentle breeze NNNNNNNNN gentle breeze NNNNNNNNNNN NNNNNNNNNNNNN NNNN gentle breeze gen
NNNNNNNNNNNNNNN gentle breeze gentle breeze NNNN g e n t l e b r e e z e gentle breeze g e n t l e b r e e z e NNNNNNNNNNNNNNN NNNNNNNNNN NNNN gentle breeze g e n t l e b r e e z e gentle breeze gentle breeze NNNNNNNNNN gentle breeze NNNNN g e n t l e b r e e z e N
NNNNNNNNNNN g e n t l e b r e e z e g e n t l e b r e e z e gentle breeze g e n t l e b r e e z e gentle breeze NNNNNNNN g e n t l e b r e e z e g e n t l e b r e e z e NNNNNNNNN gentle breeze gentle breeze g e n t l e b r e e z e g e n t l e b r e e z e g e
NNNNNNNNNN NNNNNNNNNNNNN g e n t l e b r e e z e g e n t l e b r e e z e gentle breeze NNNNNNNNNNNNN gentle breeze gentle breeze gentle breeze gentle breeze g e n t l e b r e e z e NNNNNN gentle breeze NNNN gentle breeze NNNNNNNNNNNNN NNNN gentle breeze gentle breeze
NNNNNNNNNNNNNN g e n t l e b r e e z e gentle breeze NNNNNNNNNN g e n t l e b r e e z e gentle breeze NNNNNNNNNNN gentle breeze g e n t l e b r e e z e g e n t l e b r e e z e NNNNNNNNNNNNNN NNNNNNNNNNNNNNNN gentle breeze g e n t l e b r e e z e g e n t l e b r e
NNNNNNNNNNNNNNNN NNNNNN g e n t l e b r e e z e gentle breeze gentle breeze gentle breeze NNNNNN g e n t l e b r e e z e NNNNN g e n t l e b r e e z e gentle breeze gentle breeze gentle breeze g e n t l e b r e e z e NNNNNNNNNNNNN gentle breeze gentle breeze g e n
gentle breeze gentle breeze gentle breeze NNN gentle breeze g e n t l e b r e e z e NNNNNNNNNNN gentle breeze g e n t l e b r e e z e gentle breeze gentle breeze NNN NNNN NNNNNNNNNNNNNNNN g e n t l e b r e e z e gentle breeze NNNNNNNNNN NNNNNNNNNNNNNNN gentle breeze
NNNNNNNNNNNNNN gentle breeze g e n t l e b r e e z e NNNNNN NNNNNN gentle breeze g e n t l e b r e e z e gentle breeze gentle breeze gentle breeze gentle breeze g e n t l e b r e e z e NNNNNNNNNN NNNNNNN gentle breeze gentle breeze g e n t l e b r e e z e g e n t
gentle breeze g e n t l e b r e e z e gentle breeze gentle breeze g e n t l e b r e e z e g e n t l e b r e e z e g e n t l e b r e e z e gentle breeze NNNNN NNNNNNNN g e n t l e b r e e z e NNNNNNNNNNN gentle breeze g e n t l e b r e e z e g e n t l e b r e
NNNNNNNNNN g e n t l e b r e e z e gentle breeze NNNN gentle breeze g e n t l e b r e e z e gentle breeze NNNNNNNNNNNNNN gentle breeze gentle breeze gentle breeze gentle breeze NNNNNNNNNNNN gentle breeze NNNNNNNNNNNNNNN gentle breeze NNNNNNNNNN g e n t l e b r e e z
g e n t l e b r e e z e NNN gentle breeze g e n t l e b r e e z e gentle breeze g e n t l e b r e e z e gentle breeze g e n t l e b r e e z e NNNNNNNNNNNNN NNNNN g e n t l e b r e e z e gentle breeze gentle breeze NNNNNNN NNNNNNNNNNNNN g e n t l e b r e e z e g
g e n t l e b r e e z e NNNNNN gentle breeze gentle breeze gentle breeze g e n t l e b r e e z e NNNN NNNNNNNNNNNNNNN NNN gentle breeze NNNNN NNNNNNNNN g e n t l e b r e e z e NNNNNN NNNNNNNNNNNNNN g e n t l e b r e e z e gentle breeze g e n t l e b r e e z e gent
g e n t l e b r e e z e gentle breeze g e n t l e b r e e z e gentle breeze gentle breeze gentle breeze gentle breeze gentle breeze gentle breeze gentle breeze g e n t l e b r e e z e NNNNNNNN NNNNNNNNNN gentle breeze gentle breeze g e n t l e b r e e z e NNNNNN
gentle breeze gentle breeze NNNNN gentle breeze gentle breeze NNNNNNNNN gentle breeze gentle breeze gentle breeze gentle breeze NNNNN gentle breeze g e n t l e b r e e z e gentle breeze gentle breeze NNNNNNNNNN gentle breeze gentle breeze NNNNNNNNNNNN gentle breeze g
g e n t l e b r e e z e g e n t l e b r e e z e g e n t l e b r e e z e NNNNNNNN g e n t l e b r e e z e gentle breeze NNNNNNNNNN NNNNN g e n t l e b r e e z e NNNNNNNNNNNNNNNN NNNN g e n t l e b r e e z e g e n t l e b r e e z e g e n t l e b r e e z e gentl
NNNNNN gentle breeze gentle breeze gentle breeze NNNNNNNNNNNNNN gentle breeze NNNNNNNNNNNNN NNNN gentle breeze gentle breeze NNNNNNNNNNNNNNN g e n t l e b r e e z e g e n t l e b r e e z e NNNNNNNN NNNNNNNNN g e n t l e b r e e z e g e n t l e b r e e z e g e n t l
gentle breeze NNNN NNNNNNN gentle breeze NNNNNNNNNNNNNNNN NNNNNNNN NNNNNNNNNNNNNNN NNNNNNNNNNNNNNN NNNNNNNNNNNN gentle breeze g e n t l e b r e e z e gentle breeze g e n t l e b r e e z e g e n t l e b r e e z e g e n t l e b r e e z e g e n t l e b r e e z e gentl
g e n t l e b r e e z e NNNNNNN g e n t l e b r e e z e gentle breeze gentle breeze gentle breeze NNN gentle breeze NNNNNN gentle breeze gentle breeze g e n t l e b r e e z e NNNNNNNNNNNNN gentle breeze NNNNNNNNNNNNNNNN gentle breeze NNNNNNNNNNNNNNN gentle breeze ge
NNNNNNNNNNNNNN g e n t l e b r e e z e gentle breeze g e n t l e b r e e z e g e n t l e b r e e z e NNNNNNNN NNN g e n t l e b r e e z e NNNNNN gentle breeze NNNNNNNNNNNNNNN gentle breeze NNNNN NNNNNN gentle breeze NNNN gentle breeze gentle breeze g e n t l e b r
NNNNNNNNNNN NNNNNNNNN g e n t l e b r e e z e g e n t l e b r e e z e g e n t l e b r e e z e NNNN g e n t l e b r e e z e gentle breeze NNNNNNNNNNNNNNNN g e n t l e b r e e z e g e n t l e b r e e z e NNNNN g e n t l e b r e e z e NNNNNNNNNNNNN g e n t l e b
g e n t l e b r e e z e gentle breeze NNNNNNNNNNNNNNN NNNNNNNNNNNNNN gentle breeze g e n t l e b r e e z e NNNN NNN gentle breeze gentle breeze NNNNNNNNN NNNNNNNNNNNN g e n t l e b r e e z e gentle breeze NNNNNNNNNNNNNN NNNNNNNNNNNNNN NNNNNN NNNNNNNNNNN NNNNNNNNNN NNNNN
NNNNNNNN NNNNNNNNNNNN gentle breeze gentle breeze NNNNNNNNNN NNNNNNNN g e n t l e b r e e z e gentle breeze g e n t l e b r e e z e NNN gentle breeze g e n t l e b r e e z e g e n t l e b r e e z e NNNN gentle breeze gentle breeze gentle breeze gentle breeze NNNNN
g e n t l e b r e e z e NNNNNNNNNNN gentle breeze NNNNNNNNNNNN g e n t l e b r e e z e g e n t l e b r e e z e NNNNNN g e n t l e b r e e z e g e n t l e b r e e z e g e n t l e b r e e z e gentle breeze g e n t l e b r e e z e g e n t l e b r e e z e g e n
NNNNNNNNNNNNNN g e n t l e b r e e z e NNNNNNNNNNNNNN gentle breeze g e n t l e b r e e z e gentle breeze gentle breeze gentle breeze g e n t l e b r e e z e g e n t l e b r e e z e gentle breeze g e n t l e b r e e z e gentle breeze g e n t l e b r e e z e NN
gentle breeze NNNNNNNNNNNNN gentle breeze g e n t l e b r e e z e NNNNNN NNNNNNNNNNN gentle breeze g e n t l e b r e e z e g e n t l e b r e e z e NNNNNNNNNNNNNNNN gentle breeze g e n t l e b r e e z e gentle breeze NNNNNNNNNNNNN gentle breeze g e n t l e b r e e
gentle breeze gentle breeze NNN NNN NNNNNNNNNNNNNNN gentle breeze g e n t l e b r e e z e g e n t l e b r e e z e NNNNN gentle breeze NNNNNNNNNNNNN g e n t l e b r e e z e g e n t l e b r e e z e g e n t l e b r e e z e gentle breeze gentle breeze NNNN g e n t l
NNNNNNN gentle breeze NNN NNNNNNNNNNNNNNNN NNNNNNNNNNNN gentl
gentle breeze NNNNN g e n t l e b r e e z e NNNNNNNNNNNNNN
g e n t l e b r e e z e gentle breeze NNNNNNNNNNNNNN NNNNN
NNNNNNNN NNNNNNNNNNNNNN g e n t l e b r e e z e gentle bree
NNNNNNN gentle breeze NNNNNNNNNNNN gentle breeze NNNNN NNNN
NNNNNNNNNNNNNNNN gentle breeze gentle breeze gentle breeze
g e n t l e b r e e z e NNNNNNNN g e n t l e b r e e z e
NNNNNNN gentle breeze NNNNNNNNNNNNNNN NNNNNNNNNNNN g e n t l
